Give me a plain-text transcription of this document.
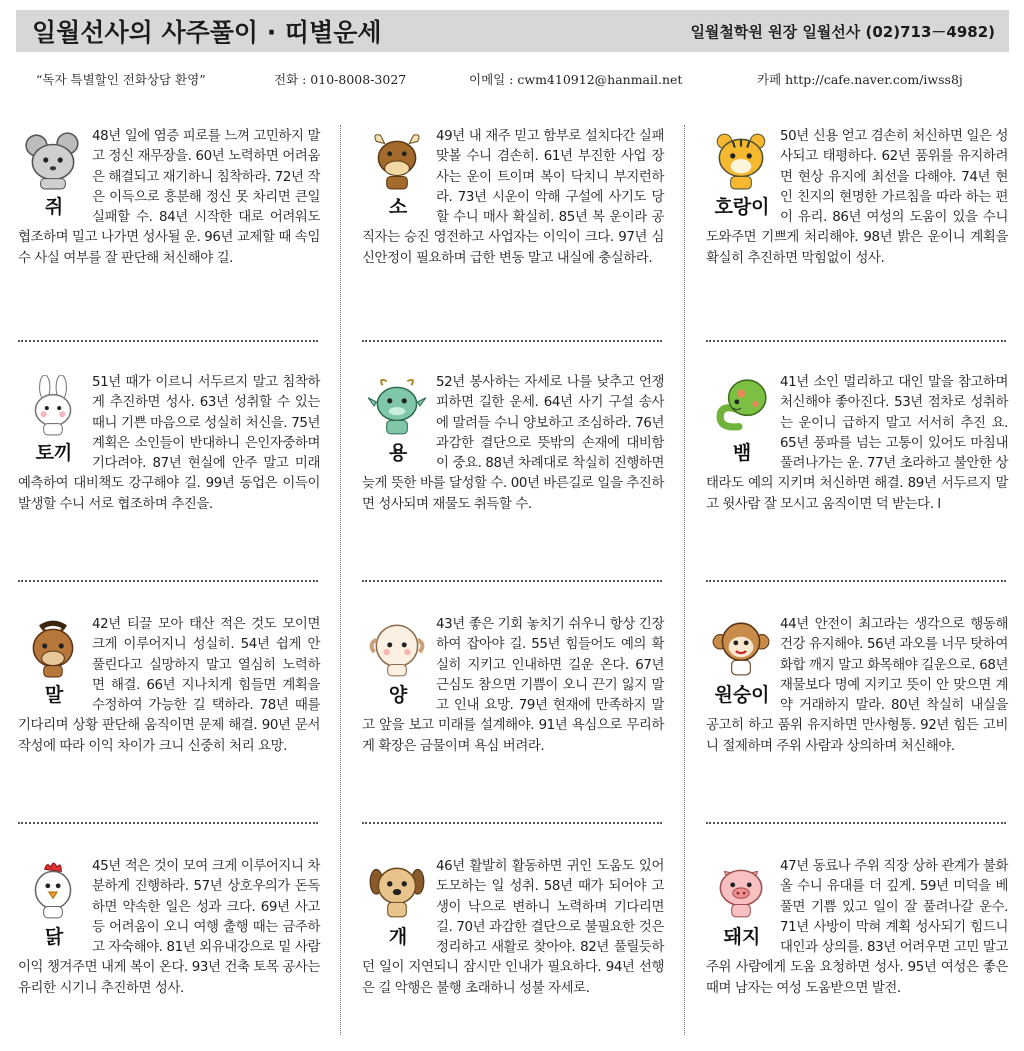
일월선사의 사주풀이 · 띠별운세	일월철학원 원장 일월선사 (02)713－4982)
“독자 특별할인 전화상담 환영”	전화 : 010-8008-3027	이메일 : cwm410912@hanmail.net	카페 http://cafe.naver.com/iwss8j
쥐
48년 일에 염증 피로를 느껴 고민하지 말고 정신 재무장을. 60년 노력하면 어려움은 해결되고 재기하니 침착하라. 72년 작은 이득으로 흥분해 정신 못 차리면 큰일 실패할 수. 84년 시작한 대로 어려워도 협조하며 밀고 나가면 성사될 운. 96년 교제할 때 속임수 사실 여부를 잘 판단해 처신해야 길.
소
49년 내 재주 믿고 함부로 설치다간 실패 맞볼 수니 겸손히. 61년 부진한 사업 장사는 운이 트이며 복이 닥치니 부지런하라. 73년 시운이 악해 구설에 사기도 당할 수니 매사 확실히. 85년 복 운이라 공직자는 승진 영전하고 사업자는 이익이 크다. 97년 심신안정이 필요하며 급한 변동 말고 내실에 충실하라.
호랑이
50년 신용 얻고 겸손히 처신하면 일은 성사되고 태평하다. 62년 품위를 유지하려면 현상 유지에 최선을 다해야. 74년 현인 친지의 현명한 가르침을 따라 하는 편이 유리. 86년 여성의 도움이 있을 수니 도와주면 기쁘게 처리해야. 98년 밝은 운이니 계획을 확실히 추진하면 막힘없이 성사.
토끼
51년 때가 이르니 서두르지 말고 침착하게 추진하면 성사. 63년 성취할 수 있는 때니 기쁜 마음으로 성실히 처신을. 75년 계획은 소인들이 반대하니 은인자중하며 기다려야. 87년 현실에 안주 말고 미래 예측하여 대비책도 강구해야 길. 99년 동업은 이득이 발생할 수니 서로 협조하며 추진을.
용
52년 봉사하는 자세로 나를 낮추고 언쟁 피하면 길한 운세. 64년 사기 구설 송사에 말려들 수니 양보하고 조심하라. 76년 과감한 결단으로 뜻밖의 손재에 대비함이 중요. 88년 차례대로 착실히 진행하면 늦게 뜻한 바를 달성할 수. 00년 바른길로 일을 추진하면 성사되며 재물도 취득할 수.
뱀
41년 소인 멀리하고 대인 말을 참고하며 처신해야 좋아진다. 53년 점차로 성취하는 운이니 급하지 말고 서서히 추진 요. 65년 풍파를 넘는 고통이 있어도 마침내 풀려나가는 운. 77년 초라하고 불안한 상태라도 예의 지키며 처신하면 해결. 89년 서두르지 말고 윗사람 잘 모시고 움직이면 덕 받는다. l
말
42년 티끌 모아 태산 적은 것도 모이면 크게 이루어지니 성실히. 54년 쉽게 안 풀린다고 실망하지 말고 열심히 노력하면 해결. 66년 지나치게 힘들면 계획을 수정하여 가능한 길 택하라. 78년 때를 기다리며 상황 판단해 움직이면 문제 해결. 90년 문서작성에 따라 이익 차이가 크니 신중히 처리 요망.
양
43년 좋은 기회 놓치기 쉬우니 항상 긴장하여 잡아야 길. 55년 힘들어도 예의 확실히 지키고 인내하면 길운 온다. 67년 근심도 참으면 기쁨이 오니 끈기 잃지 말고 인내 요망. 79년 현재에 만족하지 말고 앞을 보고 미래를 설계해야. 91년 욕심으로 무리하게 확장은 금물이며 욕심 버려라.
원숭이
44년 안전이 최고라는 생각으로 행동해 건강 유지해야. 56년 과오를 너무 탓하여 화합 깨지 말고 화목해야 길운으로. 68년 재물보다 명예 지키고 뜻이 안 맞으면 계약 거래하지 말라. 80년 착실히 내실을 공고히 하고 품위 유지하면 만사형통. 92년 힘든 고비니 절제하며 주위 사람과 상의하며 처신해야.
닭
45년 적은 것이 모여 크게 이루어지니 차분하게 진행하라. 57년 상호우의가 돈독하면 약속한 일은 성과 크다. 69년 사고 등 어려움이 오니 여행 출행 때는 금주하고 자숙해야. 81년 외유내강으로 밑 사람 이익 챙겨주면 내게 복이 온다. 93년 건축 토목 공사는 유리한 시기니 추진하면 성사.
개
46년 활발히 활동하면 귀인 도움도 있어 도모하는 일 성취. 58년 때가 되어야 고생이 낙으로 변하니 노력하며 기다리면 길. 70년 과감한 결단으로 불필요한 것은 정리하고 새활로 찾아야. 82년 풀릴듯하던 일이 지연되니 잠시만 인내가 필요하다. 94년 선행은 길 악행은 불행 초래하니 성불 자세로.
돼지
47년 동료나 주위 직장 상하 관계가 불화 올 수니 유대를 더 깊게. 59년 미덕을 베풀면 기쁨 있고 일이 잘 풀려나갈 운수. 71년 사방이 막혀 계획 성사되기 힘드니 대인과 상의를. 83년 어려우면 고민 말고 주위 사람에게 도움 요청하면 성사. 95년 여성은 좋은 때며 남자는 여성 도움받으면 발전.
